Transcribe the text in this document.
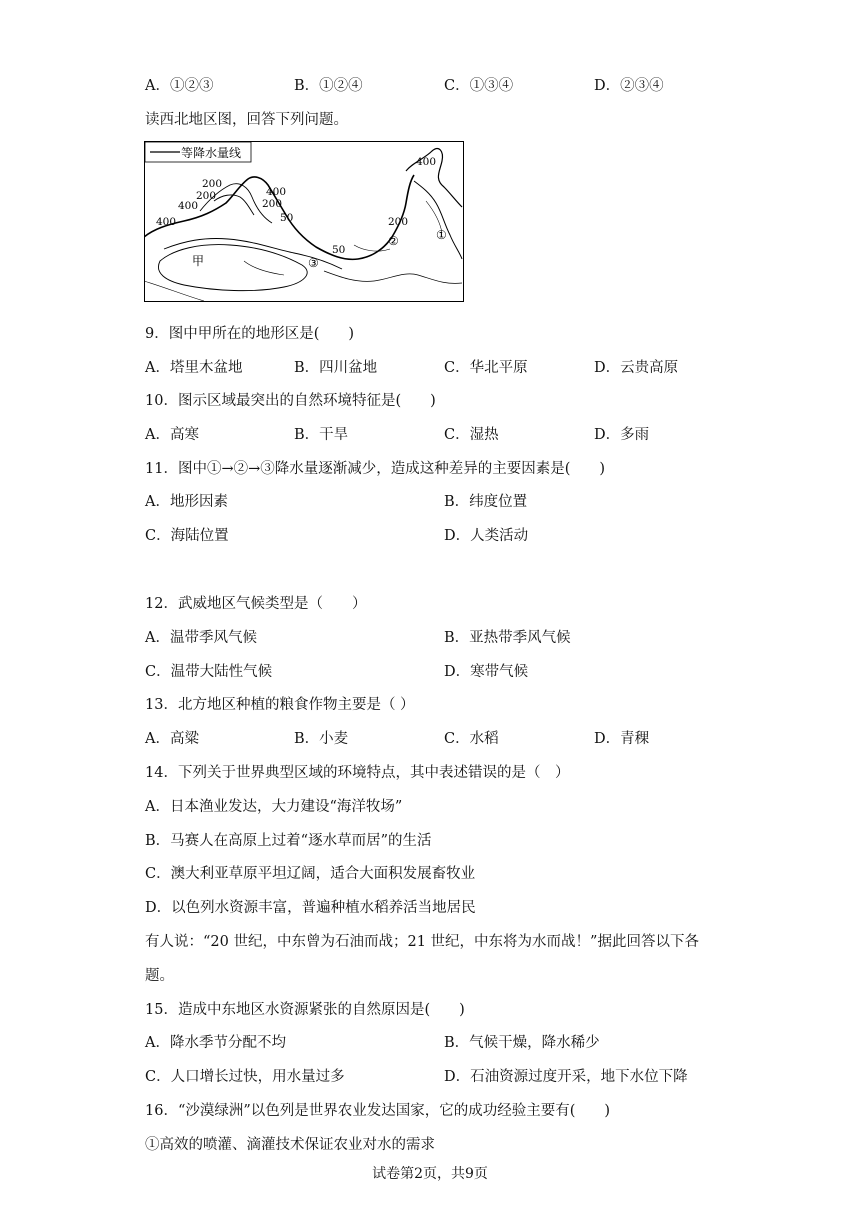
A．①②③	B．①②④	C．①③④	D．②③④
读西北地区图，回答下列问题。
等降水量线
400
200
200	400
400	200
50	200
50
400
甲
①
②
③
9．图中甲所在的地形区是(　　)
A．塔里木盆地	B．四川盆地	C．华北平原	D．云贵高原
10．图示区域最突出的自然环境特征是(　　)
A．高寒	B．干旱	C．湿热	D．多雨
11．图中①→②→③降水量逐渐减少，造成这种差异的主要因素是(　　)
A．地形因素	B．纬度位置
C．海陆位置	D．人类活动
12．武威地区气候类型是（　　）
A．温带季风气候	B．亚热带季风气候
C．温带大陆性气候	D．寒带气候
13．北方地区种植的粮食作物主要是（ ）
A．高粱	B．小麦	C．水稻	D．青稞
14．下列关于世界典型区域的环境特点，其中表述错误的是（　）
A．日本渔业发达，大力建设“海洋牧场”
B．马赛人在高原上过着“逐水草而居”的生活
C．澳大利亚草原平坦辽阔，适合大面积发展畜牧业
D．以色列水资源丰富，普遍种植水稻养活当地居民
有人说：“20 世纪，中东曾为石油而战；21 世纪，中东将为水而战！”据此回答以下各
题。
15．造成中东地区水资源紧张的自然原因是(　　)
A．降水季节分配不均	B．气候干燥，降水稀少
C．人口增长过快，用水量过多	D．石油资源过度开采，地下水位下降
16．“沙漠绿洲”以色列是世界农业发达国家，它的成功经验主要有(　　)
①高效的喷灌、滴灌技术保证农业对水的需求
试卷第2页，共9页
